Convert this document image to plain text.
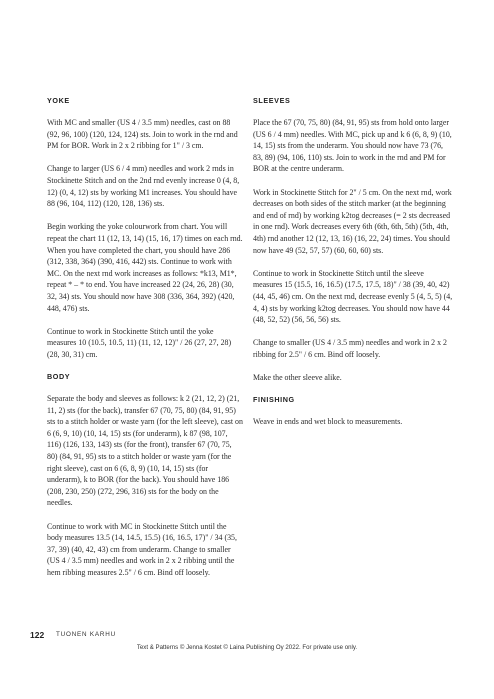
YOKE

With MC and smaller (US 4 / 3.5 mm) needles, cast on 88 (92, 96, 100) (120, 124, 124) sts. Join to work in the rnd and PM for BOR. Work in 2 x 2 ribbing for 1" / 3 cm.

Change to larger (US 6 / 4 mm) needles and work 2 rnds in Stockinette Stitch and on the 2nd rnd evenly increase 0 (4, 8, 12) (0, 4, 12) sts by working M1 increases. You should have 88 (96, 104, 112) (120, 128, 136) sts.

Begin working the yoke colourwork from chart. You will repeat the chart 11 (12, 13, 14) (15, 16, 17) times on each rnd. When you have completed the chart, you should have 286 (312, 338, 364) (390, 416, 442) sts. Continue to work with MC. On the next rnd work increases as follows: *k13, M1*, repeat * – * to end. You have increased 22 (24, 26, 28) (30, 32, 34) sts. You should now have 308 (336, 364, 392) (420, 448, 476) sts.

Continue to work in Stockinette Stitch until the yoke measures 10 (10.5, 10.5, 11) (11, 12, 12)" / 26 (27, 27, 28) (28, 30, 31) cm.

BODY

Separate the body and sleeves as follows: k 2 (21, 12, 2) (21, 11, 2) sts (for the back), transfer 67 (70, 75, 80) (84, 91, 95) sts to a stitch holder or waste yarn (for the left sleeve), cast on 6 (6, 9, 10) (10, 14, 15) sts (for underarm), k 87 (98, 107, 116) (126, 133, 143) sts (for the front), transfer 67 (70, 75, 80) (84, 91, 95) sts to a stitch holder or waste yarn (for the right sleeve), cast on 6 (6, 8, 9) (10, 14, 15) sts (for underarm), k to BOR (for the back). You should have 186 (208, 230, 250) (272, 296, 316) sts for the body on the needles.

Continue to work with MC in Stockinette Stitch until the body measures 13.5 (14, 14.5, 15.5) (16, 16.5, 17)" / 34 (35, 37, 39) (40, 42, 43) cm from underarm. Change to smaller (US 4 / 3.5 mm) needles and work in 2 x 2 ribbing until the hem ribbing measures 2.5" / 6 cm. Bind off loosely.

SLEEVES

Place the 67 (70, 75, 80) (84, 91, 95) sts from hold onto larger (US 6 / 4 mm) needles. With MC, pick up and k 6 (6, 8, 9) (10, 14, 15) sts from the underarm. You should now have 73 (76, 83, 89) (94, 106, 110) sts. Join to work in the rnd and PM for BOR at the centre underarm.

Work in Stockinette Stitch for 2" / 5 cm. On the next rnd, work decreases on both sides of the stitch marker (at the beginning and end of rnd) by working k2tog decreases (= 2 sts decreased in one rnd). Work decreases every 6th (6th, 6th, 5th) (5th, 4th, 4th) rnd another 12 (12, 13, 16) (16, 22, 24) times. You should now have 49 (52, 57, 57) (60, 60, 60) sts.

Continue to work in Stockinette Stitch until the sleeve measures 15 (15.5, 16, 16.5) (17.5, 17.5, 18)" / 38 (39, 40, 42) (44, 45, 46) cm. On the next rnd, decrease evenly 5 (4, 5, 5) (4, 4, 4) sts by working k2tog decreases. You should now have 44 (48, 52, 52) (56, 56, 56) sts.

Change to smaller (US 4 / 3.5 mm) needles and work in 2 x 2 ribbing for 2.5" / 6 cm. Bind off loosely.

Make the other sleeve alike.

FINISHING

Weave in ends and wet block to measurements.

122 TUONEN KARHU
Text & Patterns © Jenna Kostet © Laina Publishing Oy 2022. For private use only.
